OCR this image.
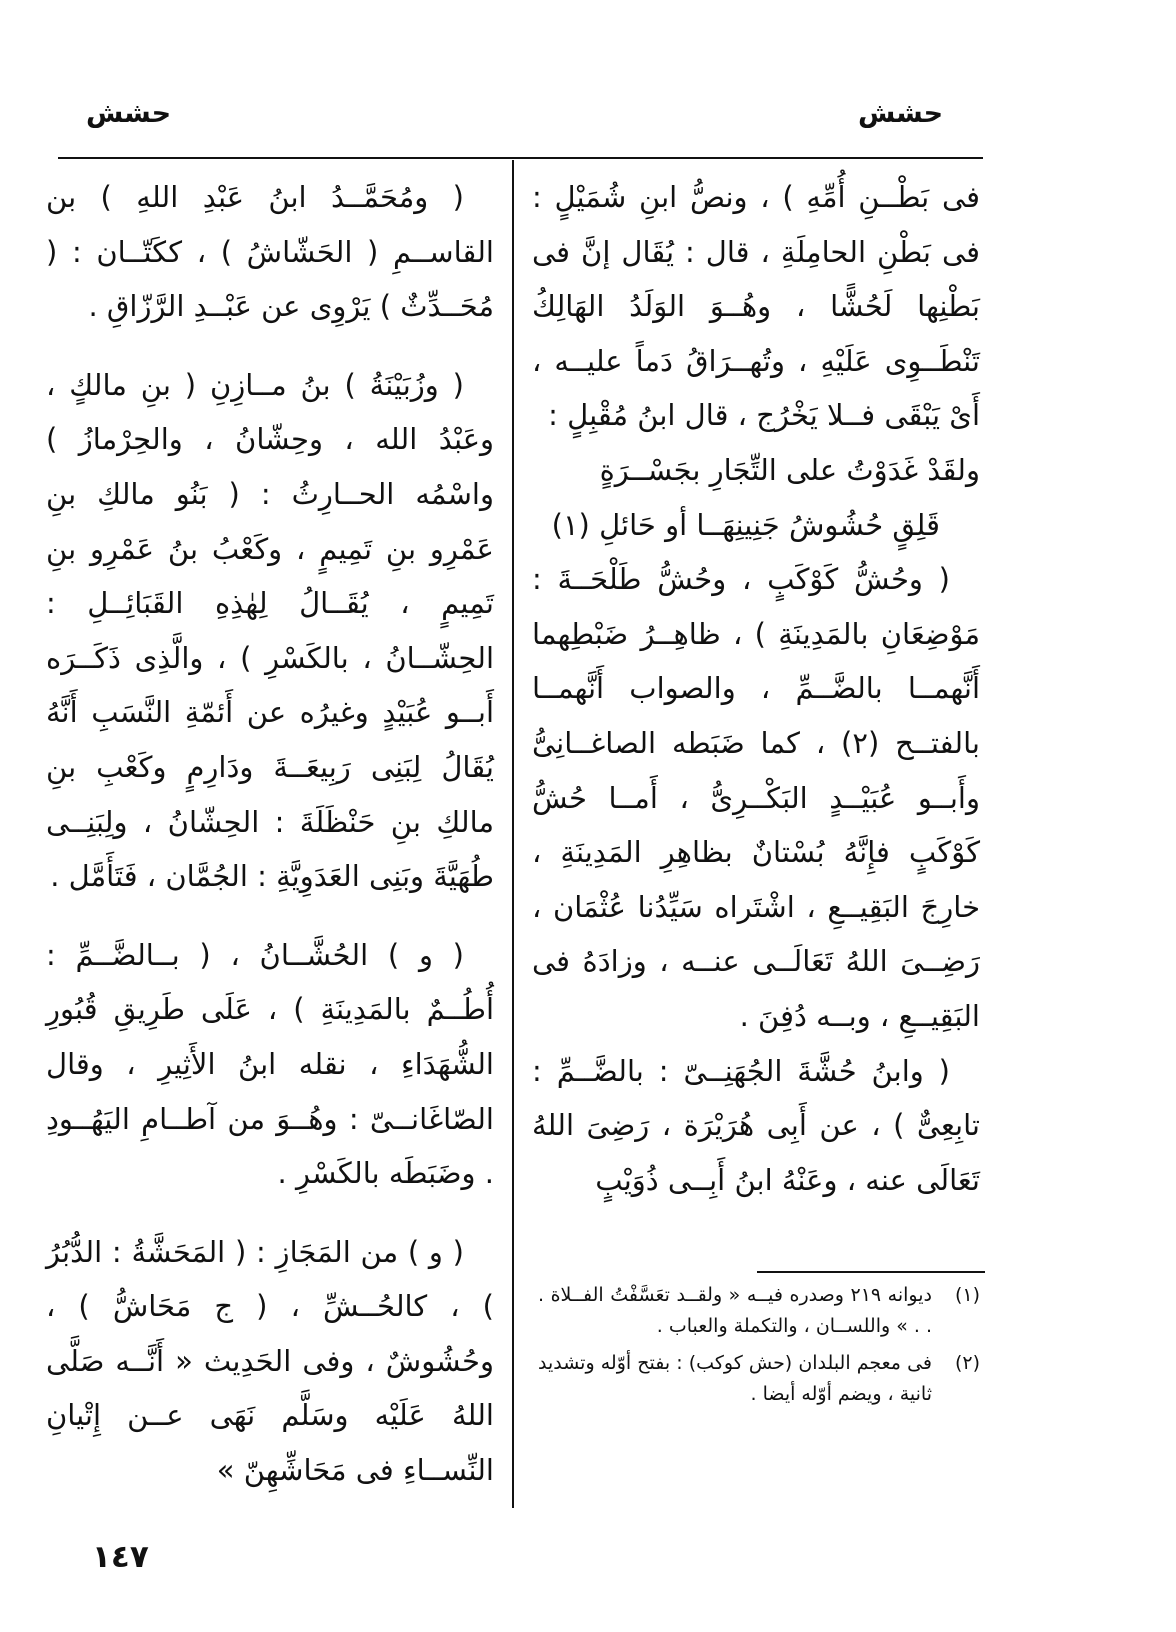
حشش
حشش

فى بَطْــنِ أُمِّهِ ) ، ونصُّ ابنِ شُمَيْلٍ : فى بَطْنِ الحامِلَةِ ، قال : يُقَال إنَّ فى بَطْنِها لَحُشًّا ، وهُــوَ الوَلَدُ الهَالِكُ تَنْطَــوِى عَلَيْهِ ، وتُهــرَاقُ دَماً عليــه ، أَىْ يَبْقَى فــلا يَخْرُج ، قال ابنُ مُقْبِلٍ :

ولقَدْ غَدَوْتُ على التِّجَارِ بجَسْــرَةٍ

قَلِقٍ حُشُوشُ جَنِينِهَــا أو حَائلِ (١)

( وحُشُّ كَوْكَبٍ ، وحُشُّ طَلْحَــةَ : مَوْضِعَانِ بالمَدِينَةِ ) ، ظاهِــرُ ضَبْطِهما أَنَّهمــا بالضَّــمِّ ، والصواب أَنَّهمــا بالفتــح (٢) ، كما ضَبَطه الصاغــانِىُّ وأَبــو عُبَيْــدٍ البَكْــرِىُّ ، أَمــا حُشُّ كَوْكَبٍ فإِنَّهُ بُسْتانٌ بظاهِرِ المَدِينَةِ ، خارِجَ البَقِيــعِ ، اشْتَراه سَيِّدُنا عُثْمَان ، رَضِــىَ اللهُ تَعَالَــى عنــه ، وزادَهُ فى البَقِيــعِ ، وبــه دُفِنَ .

( وابنُ حُشَّةَ الجُهَنِــىّ : بالضَّــمِّ : تابِعِىٌّ ) ، عن أَبِى هُرَيْرَة ، رَضِىَ اللهُ تَعَالَى عنه ، وعَنْهُ ابنُ أَبِــى ذُوَيْبٍ

( ومُحَمَّــدُ ابنُ عَبْدِ اللهِ ) بن القاســمِ ( الحَشّاشُ ) ، ككَتّــان : ( مُحَــدِّثٌ ) يَرْوِى عن عَبْــدِ الرَّزّاقِ .

( وزُبَيْنَةُ ) بنُ مــازِنِ ( بنِ مالكٍ ، وعَبْدُ الله ، وحِشّانُ ، والحِرْمازُ ) واسْمُه الحــارِثُ : ( بَنُو مالكِ بنِ عَمْرِو بنِ تَمِيمٍ ، وكَعْبُ بنُ عَمْرِو بنِ تَمِيمٍ ، يُقَــالُ لِهٰذِهِ القَبَائِــلِ : الحِشّــانُ ، بالكَسْرِ ) ، والَّذِى ذَكَــرَه أَبــو عُبَيْدٍ وغيرُه عن أَئمّةِ النَّسَبِ أَنَّهُ يُقَالُ لِبَنِى رَبِيعَــةَ ودَارِمٍ وكَعْبِ بنِ مالكِ بنِ حَنْظَلَةَ : الحِشّانُ ، ولِبَنِــى طُهَيَّةَ وبَنِى العَدَوِيَّةِ : الجُمَّان ، فَتَأَمَّل .

( و ) الحُشَّــانُ ، ( بــالضَّــمِّ : أُطُــمٌ بالمَدِينَةِ ) ، عَلَى طَرِيقِ قُبُورِ الشُّهَدَاءِ ، نقله ابنُ الأَثِيرِ ، وقال الصّاغَانــىّ : وهُــوَ من آطــامِ اليَهُــودِ . وضَبَطَه بالكَسْرِ .

( و ) من المَجَازِ : ( المَحَشَّةُ : الدُّبُرُ ) ، كالحُــشِّ ، ( ج مَحَاشُّ ) ، وحُشُوشٌ ، وفى الحَدِيث « أَنَّــه صَلَّى اللهُ عَلَيْه وسَلَّم نَهَى عــن إِتْيانِ النِّســاءِ فى مَحَاشِّهِنّ »

(١)
ديوانه ٢١٩ وصدره فيــه « ولقــد تعَسَّفْتُ الفــلاة . . . » واللســان ، والتكملة والعباب .
(٢)
فى معجم البلدان (حش كوكب) : بفتح أوّله وتشديد ثانية ، ويضم أوّله أيضا .
١٤٧
